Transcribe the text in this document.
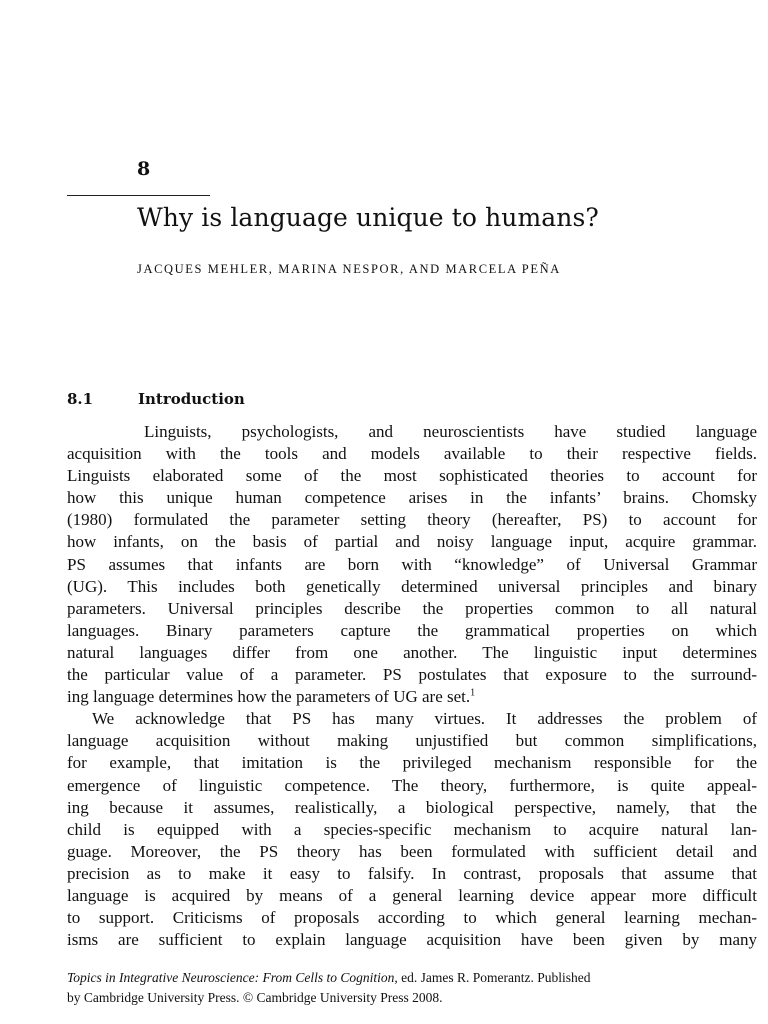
8
Why is language unique to humans?

JACQUES MEHLER, MARINA NESPOR, AND MARCELA PEÑA

8.1	Introduction
Linguists, psychologists, and neuroscientists have studied language
acquisition with the tools and models available to their respective fields.
Linguists elaborated some of the most sophisticated theories to account for
how this unique human competence arises in the infants’ brains. Chomsky
(1980) formulated the parameter setting theory (hereafter, PS) to account for
how infants, on the basis of partial and noisy language input, acquire grammar.
PS assumes that infants are born with “knowledge” of Universal Grammar
(UG). This includes both genetically determined universal principles and binary
parameters. Universal principles describe the properties common to all natural
languages. Binary parameters capture the grammatical properties on which
natural languages differ from one another. The linguistic input determines
the particular value of a parameter. PS postulates that exposure to the surround-
ing language determines how the parameters of UG are set.$^1$
We acknowledge that PS has many virtues. It addresses the problem of
language acquisition without making unjustified but common simplifications,
for example, that imitation is the privileged mechanism responsible for the
emergence of linguistic competence. The theory, furthermore, is quite appeal-
ing because it assumes, realistically, a biological perspective, namely, that the
child is equipped with a species-specific mechanism to acquire natural lan-
guage. Moreover, the PS theory has been formulated with sufficient detail and
precision as to make it easy to falsify. In contrast, proposals that assume that
language is acquired by means of a general learning device appear more difficult
to support. Criticisms of proposals according to which general learning mechan-
isms are sufficient to explain language acquisition have been given by many
Topics in Integrative Neuroscience: From Cells to Cognition, ed. James R. Pomerantz. Published
by Cambridge University Press. © Cambridge University Press 2008.
